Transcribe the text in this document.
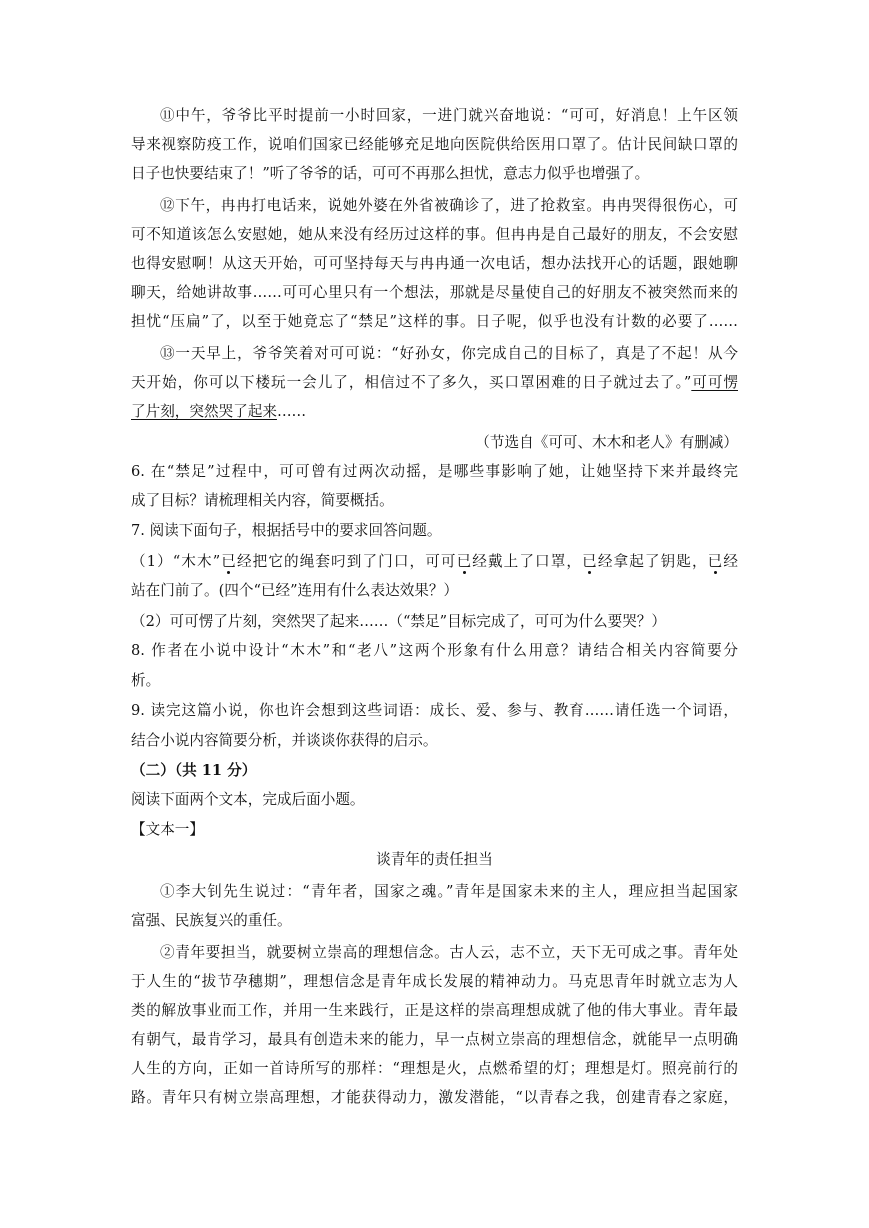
⑪中午，爷爷比平时提前一小时回家，一进门就兴奋地说：“可可，好消息！上午区领
导来视察防疫工作，说咱们国家已经能够充足地向医院供给医用口罩了。估计民间缺口罩的
日子也快要结束了！”听了爷爷的话，可可不再那么担忧，意志力似乎也增强了。
⑫下午，冉冉打电话来，说她外婆在外省被确诊了，进了抢救室。冉冉哭得很伤心，可
可不知道该怎么安慰她，她从来没有经历过这样的事。但冉冉是自己最好的朋友，不会安慰
也得安慰啊！从这天开始，可可坚持每天与冉冉通一次电话，想办法找开心的话题，跟她聊
聊天，给她讲故事……可可心里只有一个想法，那就是尽量使自己的好朋友不被突然而来的
担忧“压扁”了，以至于她竟忘了“禁足”这样的事。日子呢，似乎也没有计数的必要了……
⑬一天早上，爷爷笑着对可可说：“好孙女，你完成自己的目标了，真是了不起！从今
天开始，你可以下楼玩一会儿了，相信过不了多久，买口罩困难的日子就过去了。”可可愣
了片刻，突然哭了起来……
（节选自《可可、木木和老人》有删减）
6. 在“禁足”过程中，可可曾有过两次动摇，是哪些事影响了她，让她坚持下来并最终完
成了目标？请梳理相关内容，简要概括。
7. 阅读下面句子，根据括号中的要求回答问题。
（1）“木木”已经把它的绳套叼到了门口，可可已经戴上了口罩，已经拿起了钥匙，已经
站在门前了。(四个“已经”连用有什么表达效果？）
（2）可可愣了片刻，突然哭了起来……（“禁足”目标完成了，可可为什么要哭？）
8. 作者在小说中设计“木木”和“老八”这两个形象有什么用意？请结合相关内容简要分
析。
9. 读完这篇小说，你也许会想到这些词语：成长、爱、参与、教育……请任选一个词语，
结合小说内容简要分析，并谈谈你获得的启示。
（二）（共 11 分）
阅读下面两个文本，完成后面小题。
【文本一】
谈青年的责任担当
①李大钊先生说过：“青年者，国家之魂。”青年是国家未来的主人，理应担当起国家
富强、民族复兴的重任。
②青年要担当，就要树立崇高的理想信念。古人云，志不立，天下无可成之事。青年处
于人生的“拔节孕穗期”，理想信念是青年成长发展的精神动力。马克思青年时就立志为人
类的解放事业而工作，并用一生来践行，正是这样的崇高理想成就了他的伟大事业。青年最
有朝气，最肯学习，最具有创造未来的能力，早一点树立崇高的理想信念，就能早一点明确
人生的方向，正如一首诗所写的那样：“理想是火，点燃希望的灯；理想是灯。照亮前行的
路。青年只有树立崇高理想，才能获得动力，激发潜能，“以青春之我，创建青春之家庭，
